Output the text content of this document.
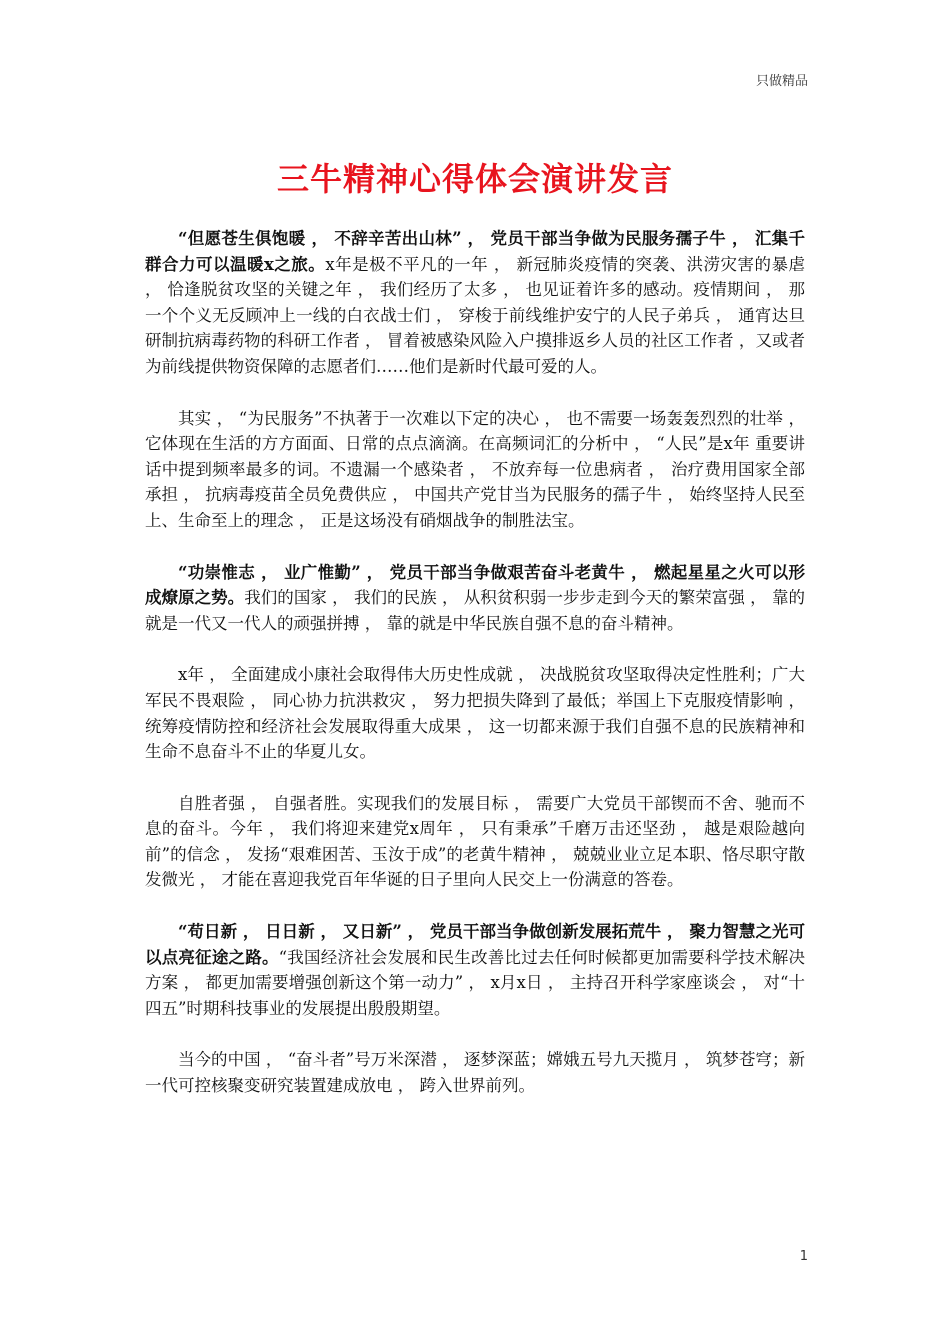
只做精品
三牛精神心得体会演讲发言

“但愿苍生俱饱暖 ， 不辞辛苦出山林” ， 党员干部当争做为民服务孺子牛 ， 汇集千群合力可以温暖x之旅。x年是极不平凡的一年 ， 新冠肺炎疫情的突袭、洪涝灾害的暴虐 ， 恰逢脱贫攻坚的关键之年 ， 我们经历了太多 ， 也见证着许多的感动。疫情期间 ， 那一个个义无反顾冲上一线的白衣战士们 ， 穿梭于前线维护安宁的人民子弟兵 ， 通宵达旦研制抗病毒药物的科研工作者 ， 冒着被感染风险入户摸排返乡人员的社区工作者 ，又或者为前线提供物资保障的志愿者们……他们是新时代最可爱的人。

其实 ， “为民服务”不执著于一次难以下定的决心 ， 也不需要一场轰轰烈烈的壮举 ， 它体现在生活的方方面面、日常的点点滴滴。在高频词汇的分析中 ， “人民”是x年 重要讲话中提到频率最多的词。不遗漏一个感染者 ， 不放弃每一位患病者 ， 治疗费用国家全部承担 ， 抗病毒疫苗全员免费供应 ， 中国共产党甘当为民服务的孺子牛 ， 始终坚持人民至上、生命至上的理念 ， 正是这场没有硝烟战争的制胜法宝。

“功崇惟志 ， 业广惟勤” ， 党员干部当争做艰苦奋斗老黄牛 ， 燃起星星之火可以形成燎原之势。我们的国家 ， 我们的民族 ， 从积贫积弱一步步走到今天的繁荣富强 ， 靠的就是一代又一代人的顽强拼搏 ， 靠的就是中华民族自强不息的奋斗精神。

x年 ， 全面建成小康社会取得伟大历史性成就 ， 决战脱贫攻坚取得决定性胜利；广大军民不畏艰险 ， 同心协力抗洪救灾 ， 努力把损失降到了最低；举国上下克服疫情影响 ， 统筹疫情防控和经济社会发展取得重大成果 ， 这一切都来源于我们自强不息的民族精神和生命不息奋斗不止的华夏儿女。

自胜者强 ， 自强者胜。实现我们的发展目标 ， 需要广大党员干部锲而不舍、驰而不息的奋斗。今年 ， 我们将迎来建党x周年 ， 只有秉承”千磨万击还坚劲 ， 越是艰险越向前”的信念 ， 发扬“艰难困苦、玉汝于成”的老黄牛精神 ， 兢兢业业立足本职、恪尽职守散发微光 ， 才能在喜迎我党百年华诞的日子里向人民交上一份满意的答卷。

“苟日新 ， 日日新 ， 又日新” ， 党员干部当争做创新发展拓荒牛 ， 聚力智慧之光可以点亮征途之路。“我国经济社会发展和民生改善比过去任何时候都更加需要科学技术解决方案 ， 都更加需要增强创新这个第一动力” ， x月x日 ， 主持召开科学家座谈会 ， 对“十四五”时期科技事业的发展提出殷殷期望。

当今的中国 ， “奋斗者”号万米深潜 ， 逐梦深蓝；嫦娥五号九天揽月 ， 筑梦苍穹；新一代可控核聚变研究装置建成放电 ， 跨入世界前列。

1
